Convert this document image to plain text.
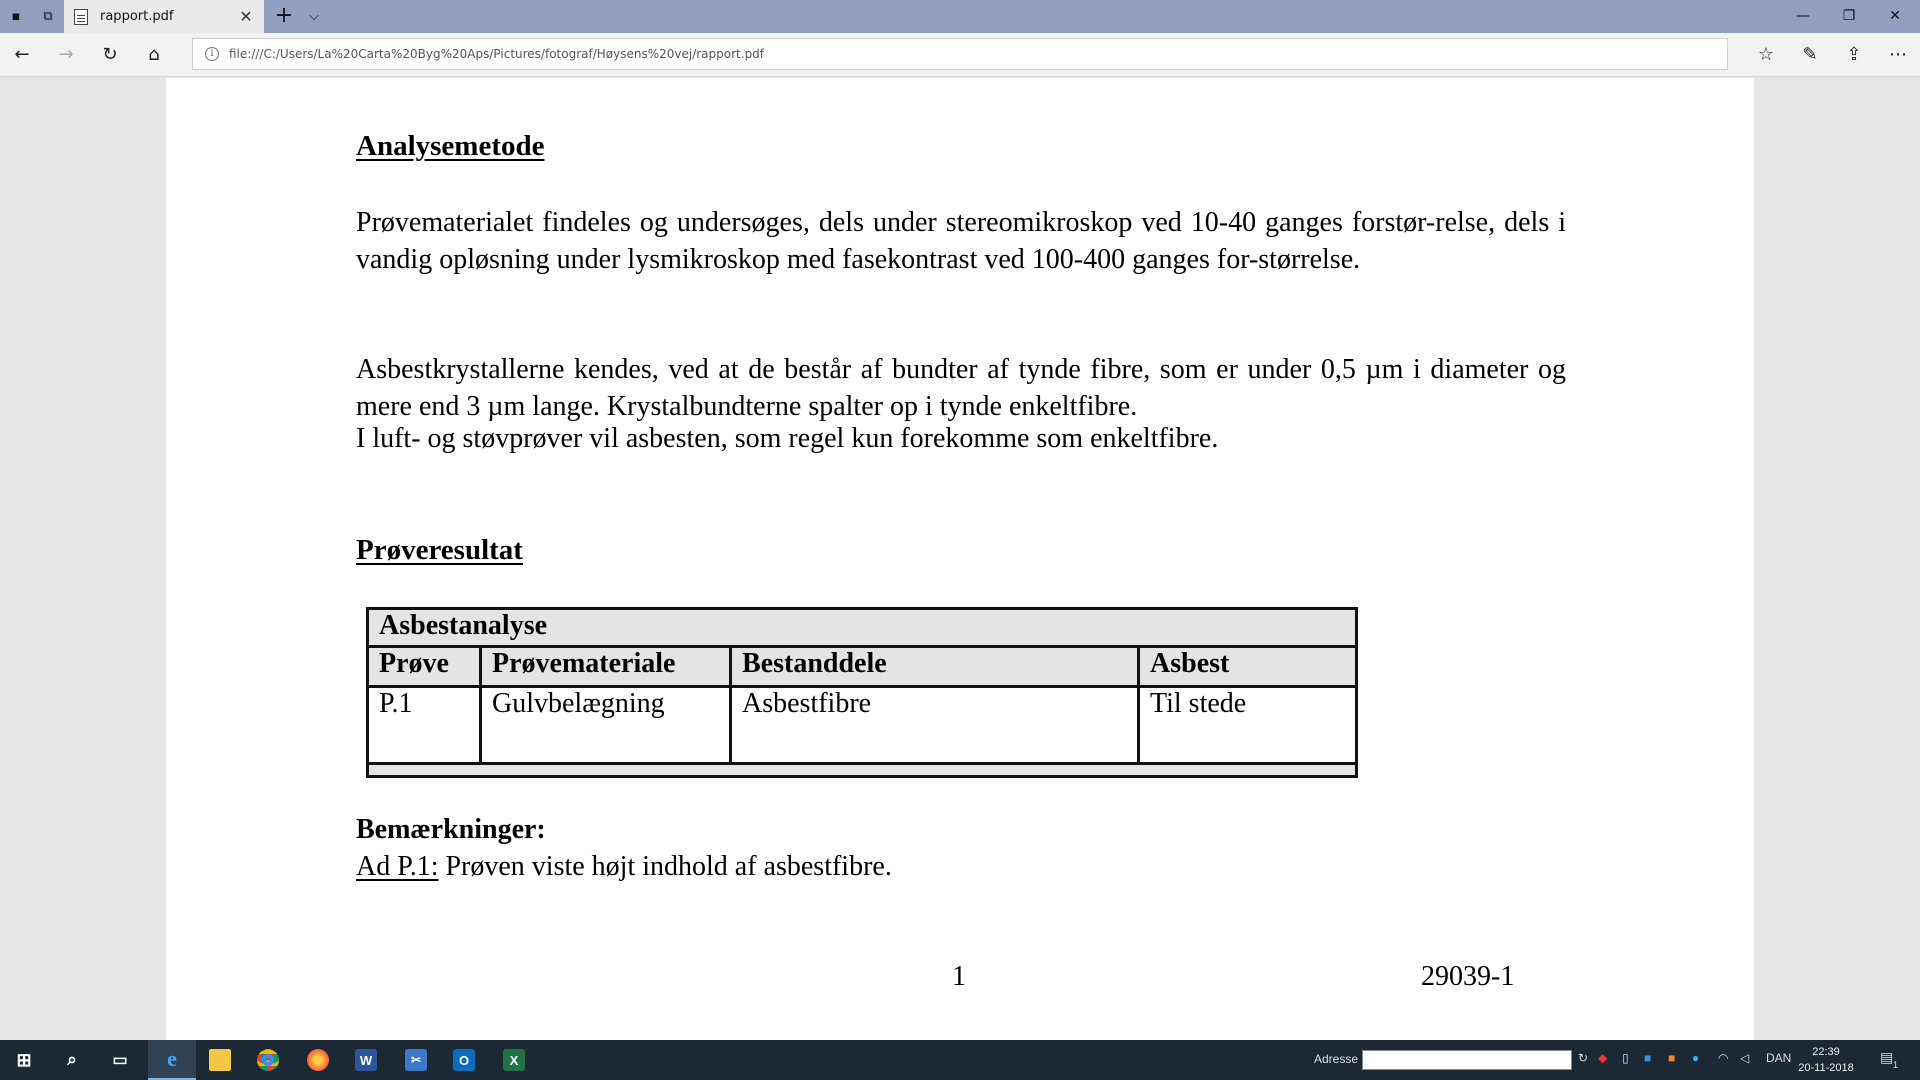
▪	⧉	rapport.pdf	✕ +	⌵	—	❐	✕
←	→	↻	⌂	i	file:///C:/Users/La%20Carta%20Byg%20Aps/Pictures/fotograf/Høysens%20vej/rapport.pdf	☆	✎	⇪	⋯
Analysemetode
Prøvematerialet findeles og undersøges, dels under stereomikroskop ved 10-40 ganges forstør-relse, dels i vandig opløsning under lysmikroskop med fasekontrast ved 100-400 ganges for-størrelse.
Asbestkrystallerne kendes, ved at de består af bundter af tynde fibre, som er under 0,5 µm i diameter og mere end 3 µm lange. Krystalbundterne spalter op i tynde enkeltfibre.
I luft- og støvprøver vil asbesten, som regel kun forekomme som enkeltfibre.
Prøveresultat
Asbestanalyse
Prøve	Prøvemateriale	Bestanddele	Asbest
P.1	Gulvbelægning	Asbestfibre	Til stede
Bemærkninger:
Ad P.1: Prøven viste højt indhold af asbestfibre.
1	29039-1
⊞	⌕	▭ e	W	✂	O	X	Adresse	↻ ◆ ▯ ■ ■ ● ◠ ◁ DAN	22:39
20-11-2018
▤ 1
